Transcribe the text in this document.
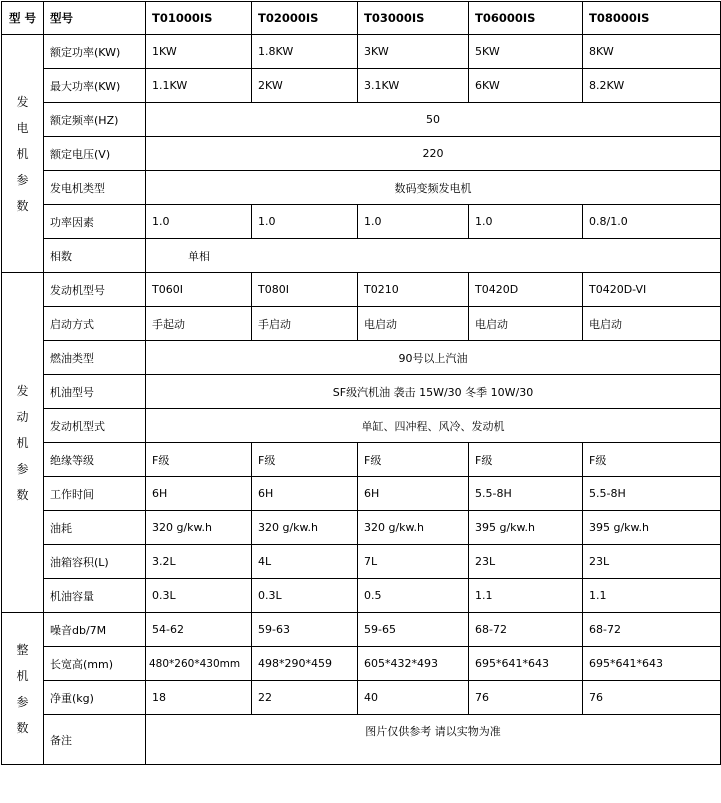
型 号	型号	T01000IS	T02000IS	T03000IS	T06000IS	T08000IS

发电机参数	额定功率(KW)	1KW	1.8KW	3KW	5KW	8KW
	最大功率(KW)	1.1KW	2KW	3.1KW	6KW	8.2KW
	额定频率(HZ)	50				
	额定电压(V)	220				
	发电机类型	数码变频发电机				
	功率因素	1.0	1.0	1.0	1.0	0.8/1.0
	相数	单相				

发动机参数	发动机型号	T060I	T080I	T0210	T0420D	T0420D-VI
	启动方式	手起动	手启动	电启动	电启动	电启动
	燃油类型	90号以上汽油				
	机油型号	SF级汽机油 袭击 15W/30 冬季 10W/30				
	发动机型式	单缸、四冲程、风冷、发动机				
	绝缘等级	F级	F级	F级	F级	F级
	工作时间	6H	6H	6H	5.5-8H	5.5-8H
	油耗	320 g/kw.h	320 g/kw.h	320 g/kw.h	395 g/kw.h	395 g/kw.h
	油箱容积(L)	3.2L	4L	7L	23L	23L
	机油容量	0.3L	0.3L	0.5	1.1	1.1

整机参数	噪音db/7M	54-62	59-63	59-65	68-72	68-72
	长宽高(mm)	480*260*430mm	498*290*459	605*432*493	695*641*643	695*641*643
	净重(kg)	18	22	40	76	76
	备注	图片仅供参考 请以实物为准				
